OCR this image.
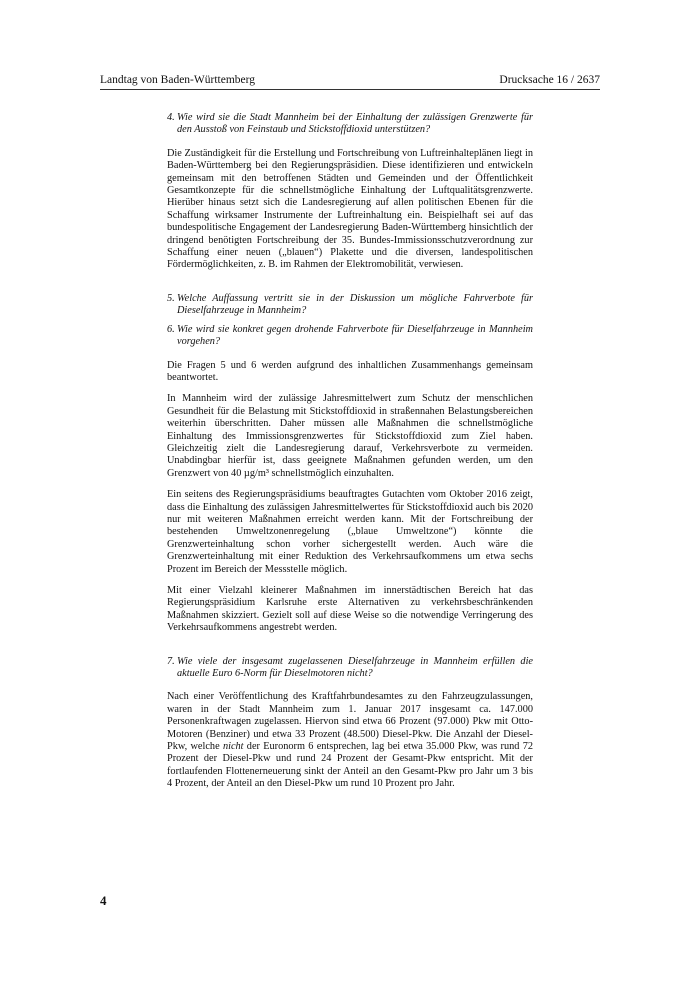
Landtag von Baden-Württemberg	Drucksache 16 / 2637
4. Wie wird sie die Stadt Mannheim bei der Einhaltung der zulässigen Grenzwerte für den Ausstoß von Feinstaub und Stickstoffdioxid unterstützen?

Die Zuständigkeit für die Erstellung und Fortschreibung von Luftreinhalteplänen liegt in Baden-Württemberg bei den Regierungspräsidien. Diese identifizieren und entwickeln gemeinsam mit den betroffenen Städten und Gemeinden und der Öffentlichkeit Gesamtkonzepte für die schnellstmögliche Einhaltung der Luftqualitätsgrenzwerte. Hierüber hinaus setzt sich die Landesregierung auf allen politischen Ebenen für die Schaffung wirksamer Instrumente der Luftreinhaltung ein. Beispielhaft sei auf das bundespolitische Engagement der Landesregierung Baden-Württemberg hinsichtlich der dringend benötigten Fortschreibung der 35. Bundes-Immissionsschutzverordnung zur Schaffung einer neuen („blauen“) Plakette und die diversen, landespolitischen Fördermöglichkeiten, z. B. im Rahmen der Elektromobilität, verwiesen.

5. Welche Auffassung vertritt sie in der Diskussion um mögliche Fahrverbote für Dieselfahrzeuge in Mannheim?
6. Wie wird sie konkret gegen drohende Fahrverbote für Dieselfahrzeuge in Mannheim vorgehen?

Die Fragen 5 und 6 werden aufgrund des inhaltlichen Zusammenhangs gemeinsam beantwortet.

In Mannheim wird der zulässige Jahresmittelwert zum Schutz der menschlichen Gesundheit für die Belastung mit Stickstoffdioxid in straßennahen Belastungsbereichen weiterhin überschritten. Daher müssen alle Maßnahmen die schnellstmögliche Einhaltung des Immissionsgrenzwertes für Stickstoffdioxid zum Ziel haben. Gleichzeitig zielt die Landesregierung darauf, Verkehrsverbote zu vermeiden. Unabdingbar hierfür ist, dass geeignete Maßnahmen gefunden werden, um den Grenzwert von 40 µg/m³ schnellstmöglich einzuhalten.

Ein seitens des Regierungspräsidiums beauftragtes Gutachten vom Oktober 2016 zeigt, dass die Einhaltung des zulässigen Jahresmittelwertes für Stickstoffdioxid auch bis 2020 nur mit weiteren Maßnahmen erreicht werden kann. Mit der Fortschreibung der bestehenden Umweltzonenregelung („blaue Umweltzone“) könnte die Grenzwerteinhaltung schon vorher sichergestellt werden. Auch wäre die Grenzwerteinhaltung mit einer Reduktion des Verkehrsaufkommens um etwa sechs Prozent im Bereich der Messstelle möglich.

Mit einer Vielzahl kleinerer Maßnahmen im innerstädtischen Bereich hat das Regierungspräsidium Karlsruhe erste Alternativen zu verkehrsbeschränkenden Maßnahmen skizziert. Gezielt soll auf diese Weise so die notwendige Verringerung des Verkehrsaufkommens angestrebt werden.

7. Wie viele der insgesamt zugelassenen Dieselfahrzeuge in Mannheim erfüllen die aktuelle Euro 6-Norm für Dieselmotoren nicht?

Nach einer Veröffentlichung des Kraftfahrbundesamtes zu den Fahrzeugzulassungen, waren in der Stadt Mannheim zum 1. Januar 2017 insgesamt ca. 147.000 Personenkraftwagen zugelassen. Hiervon sind etwa 66 Prozent (97.000) Pkw mit Otto-Motoren (Benziner) und etwa 33 Prozent (48.500) Diesel-Pkw. Die Anzahl der Diesel-Pkw, welche nicht der Euronorm 6 entsprechen, lag bei etwa 35.000 Pkw, was rund 72 Prozent der Diesel-Pkw und rund 24 Prozent der Gesamt-Pkw entspricht. Mit der fortlaufenden Flottenerneuerung sinkt der Anteil an den Gesamt-Pkw pro Jahr um 3 bis 4 Prozent, der Anteil an den Diesel-Pkw um rund 10 Prozent pro Jahr.

4
